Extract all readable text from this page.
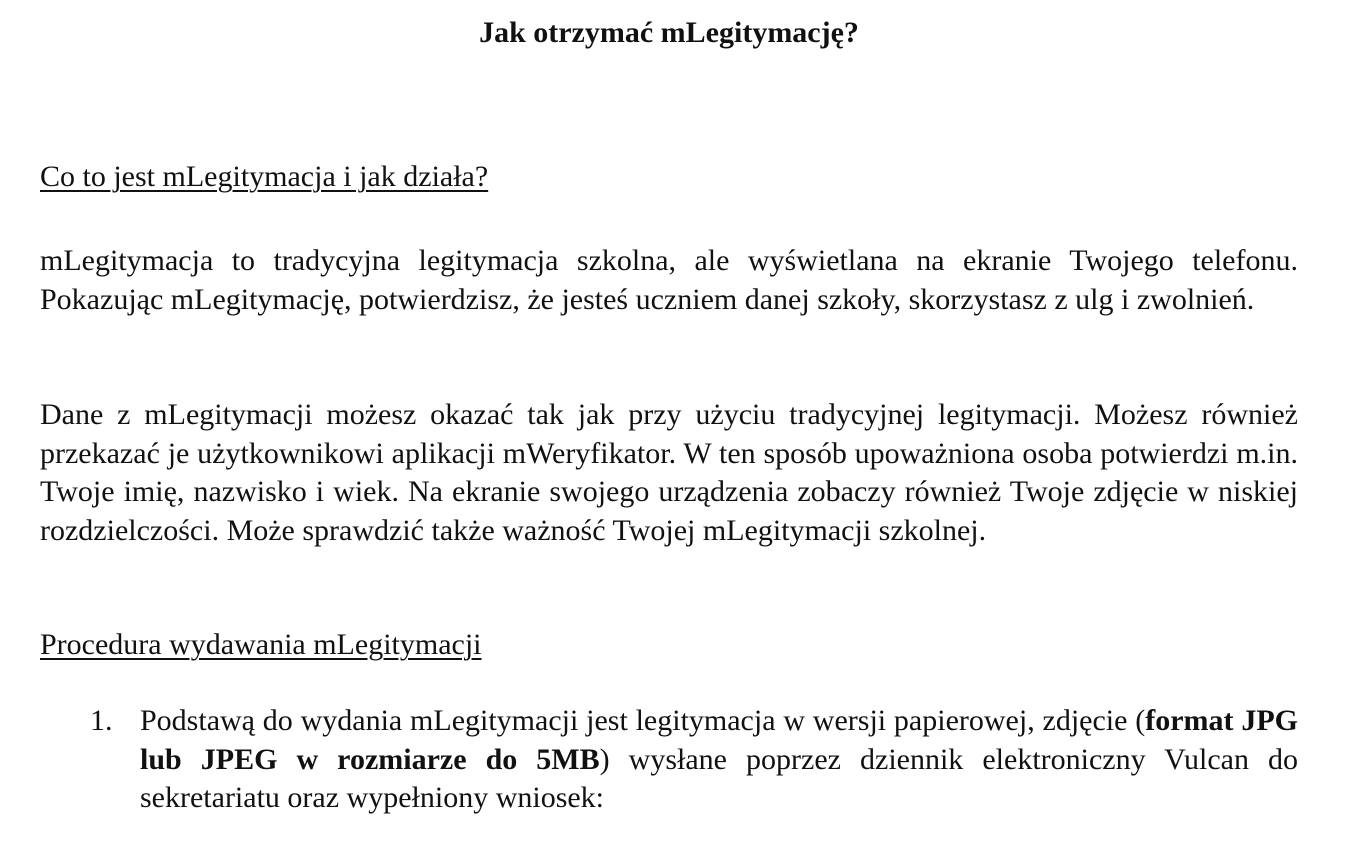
Jak otrzymać mLegitymację?
Co to jest mLegitymacja i jak działa?

mLegitymacja to tradycyjna legitymacja szkolna, ale wyświetlana na ekranie Twojego telefonu. Pokazując mLegitymację, potwierdzisz, że jesteś uczniem danej szkoły, skorzystasz z ulg i zwolnień.

Dane z mLegitymacji możesz okazać tak jak przy użyciu tradycyjnej legitymacji. Możesz również przekazać je użytkownikowi aplikacji mWeryfikator. W ten sposób upoważniona osoba potwierdzi m.in. Twoje imię, nazwisko i wiek. Na ekranie swojego urządzenia zobaczy również Twoje zdjęcie w niskiej rozdzielczości. Może sprawdzić także ważność Twojej mLegitymacji szkolnej.

Procedura wydawania mLegitymacji
1. Podstawą do wydania mLegitymacji jest legitymacja w wersji papierowej, zdjęcie (format JPG lub JPEG w rozmiarze do 5MB) wysłane poprzez dziennik elektroniczny Vulcan do sekretariatu oraz wypełniony wniosek:
